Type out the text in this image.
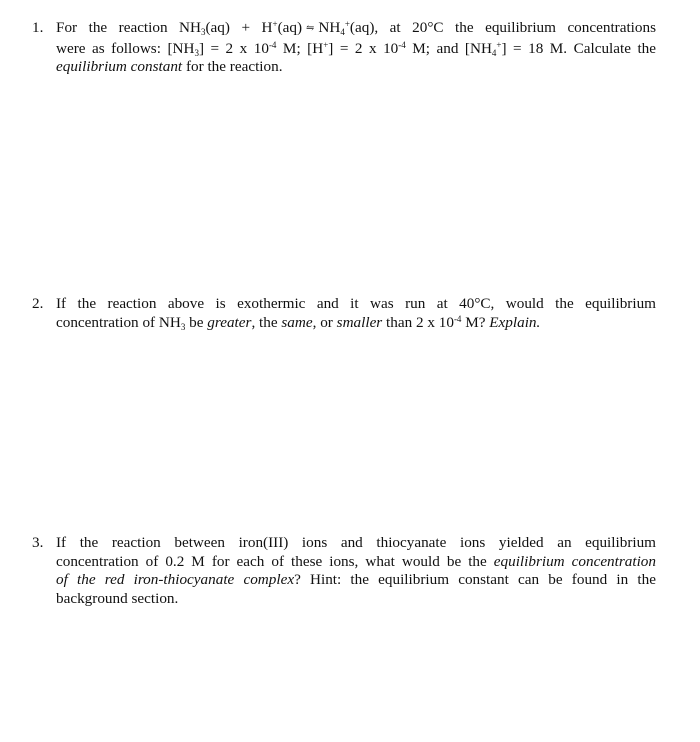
1. For the reaction $NH_3(aq) + H^+(aq)$ ⇋ $NH_4^+(aq)$, at 20°C the equilibrium concentrations
were as follows: $[NH_3] = 2$ x $10^{-4}$ M; [H+] = 2 x $10^{-4}$ M; and $[NH_4^+] = 18$ M. Calculate the
equilibrium constant for the reaction.
2. If the reaction above is exothermic and it was run at 40°C, would the equilibrium
concentration of $NH_3$ be greater, the same, or smaller than 2 x $10^{-4}$ M? Explain.
3. If the reaction between iron(III) ions and thiocyanate ions yielded an equilibrium
concentration of 0.2 M for each of these ions, what would be the equilibrium concentration
of the red iron-thiocyanate complex? Hint: the equilibrium constant can be found in the
background section.
